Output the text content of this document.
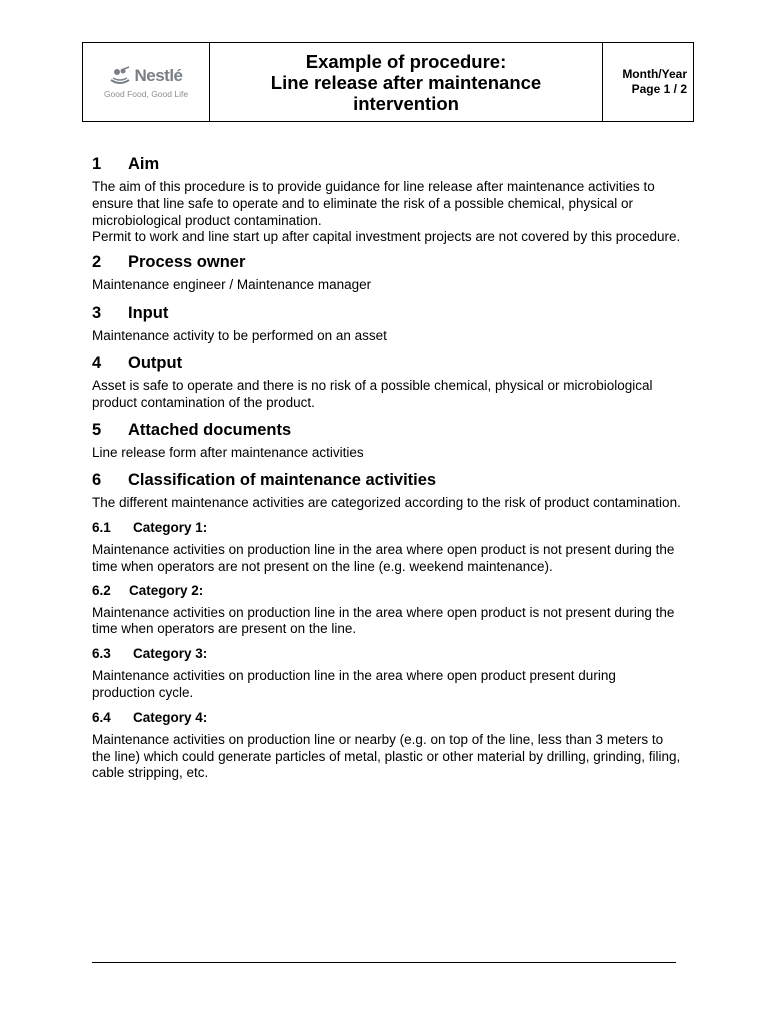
Nestlé
Good Food, Good Life
Example of procedure:
Line release after maintenance
intervention
Month/Year
Page 1 / 2
1	Aim

The aim of this procedure is to provide guidance for line release after maintenance activities to ensure that line safe to operate and to eliminate the risk of a possible chemical, physical or microbiological product contamination.

Permit to work and line start up after capital investment projects are not covered by this procedure.

2	Process owner

Maintenance engineer / Maintenance manager

3	Input

Maintenance activity to be performed on an asset

4	Output

Asset is safe to operate and there is no risk of a possible chemical, physical or microbiological product contamination of the product.

5	Attached documents

Line release form after maintenance activities

6	Classification of maintenance activities

The different maintenance activities are categorized according to the risk of product contamination.

6.1	Category 1:

Maintenance activities on production line in the area where open product is not present during the time when operators are not present on the line (e.g. weekend maintenance).

6.2	Category 2:

Maintenance activities on production line in the area where open product is not present during the time when operators are present on the line.

6.3	Category 3:

Maintenance activities on production line in the area where open product present during production cycle.

6.4	Category 4:

Maintenance activities on production line or nearby (e.g. on top of the line, less than 3 meters to the line) which could generate particles of metal, plastic or other material by drilling, grinding, filing, cable stripping, etc.
